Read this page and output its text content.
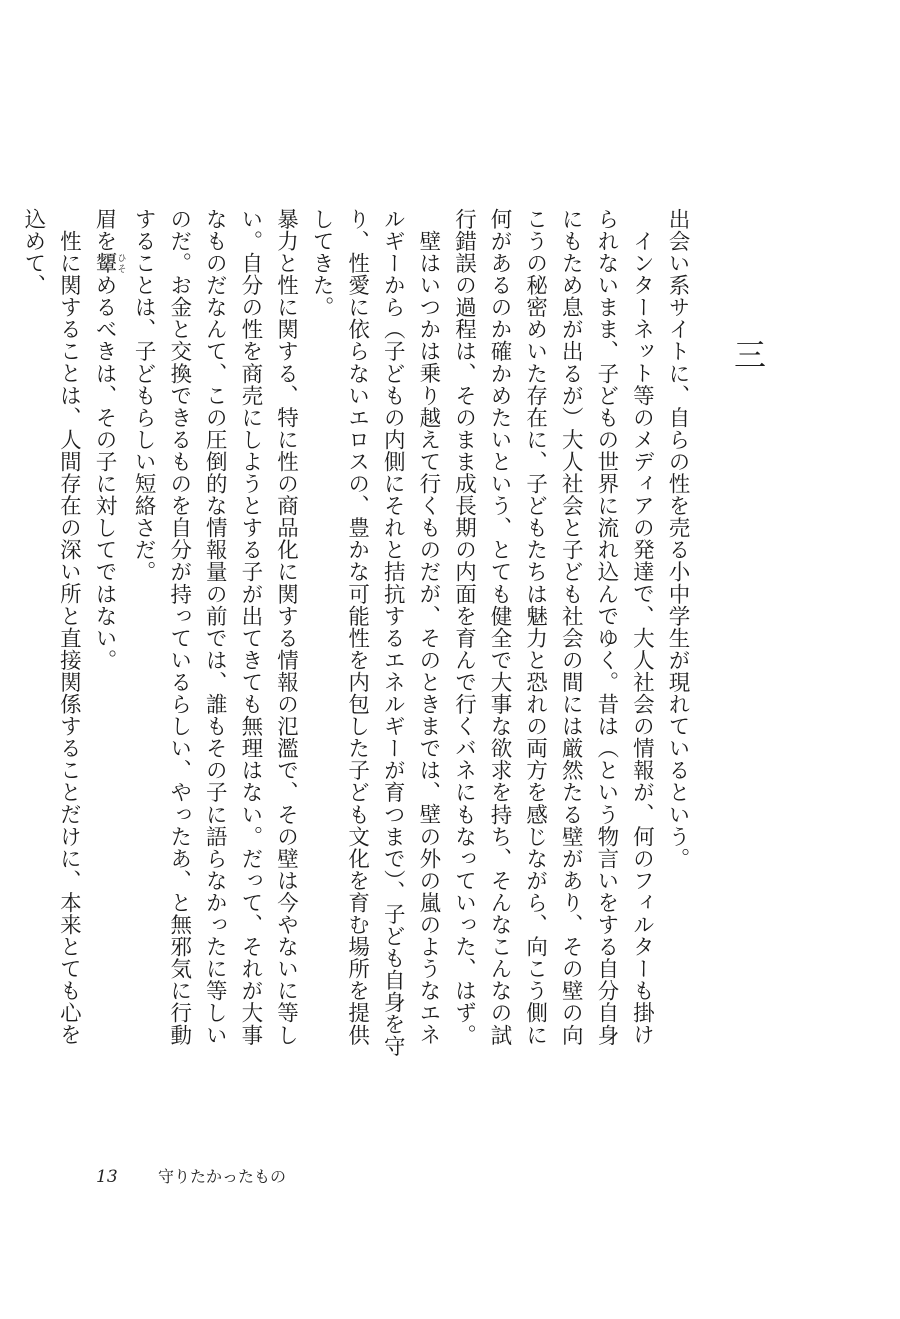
三

出会い系サイトに、自らの性を売る小中学生が現れているという。

インターネット等のメディアの発達で、大人社会の情報が、何のフィルターも掛けられないまま、子どもの世界に流れ込んでゆく。昔は（という物言いをする自分自身にもため息が出るが）大人社会と子ども社会の間には厳然たる壁があり、その壁の向こうの秘密めいた存在に、子どもたちは魅力と恐れの両方を感じながら、向こう側に何があるのか確かめたいという、とても健全で大事な欲求を持ち、そんなこんなの試行錯誤の過程は、そのまま成長期の内面を育んで行くバネにもなっていった、はず。

壁はいつかは乗り越えて行くものだが、そのときまでは、壁の外の嵐のようなエネルギーから（子どもの内側にそれと拮抗するエネルギーが育つまで）、子ども自身を守り、性愛に依らないエロスの、豊かな可能性を内包した子ども文化を育む場所を提供してきた。

暴力と性に関する、特に性の商品化に関する情報の氾濫で、その壁は今やないに等しい。自分の性を商売にしようとする子が出てきても無理はない。だって、それが大事なものだなんて、この圧倒的な情報量の前では、誰もその子に語らなかったに等しいのだ。お金と交換できるものを自分が持っているらしい、やったあ、と無邪気に行動することは、子どもらしい短絡さだ。

眉を顰ひそめるべきは、その子に対してではない。

性に関することは、人間存在の深い所と直接関係することだけに、本来とても心を込めて、

13	守りたかったもの
